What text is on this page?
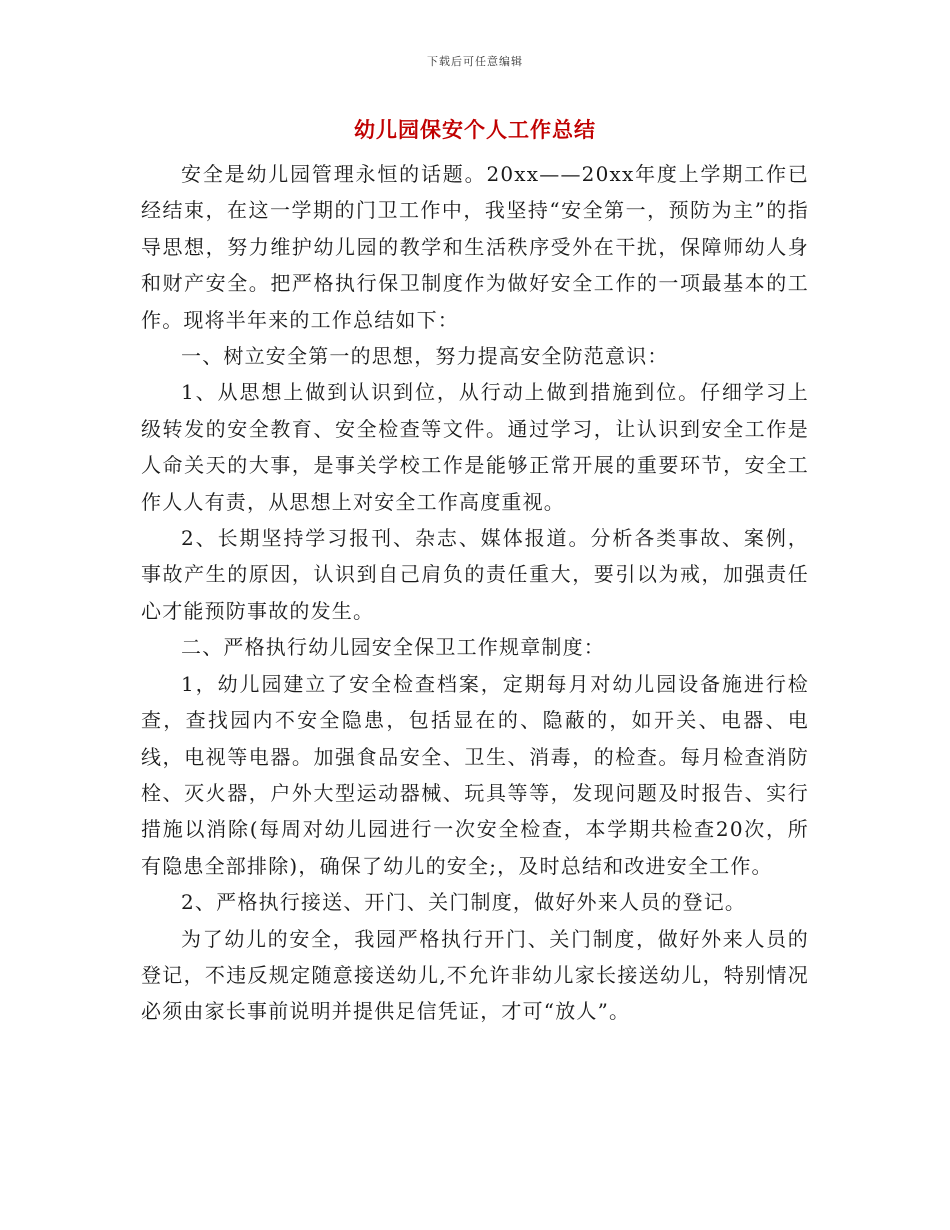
下载后可任意编辑
幼儿园保安个人工作总结

安全是幼儿园管理永恒的话题。20xx——20xx年度上学期工作已经结束，在这一学期的门卫工作中，我坚持“安全第一，预防为主”的指导思想，努力维护幼儿园的教学和生活秩序受外在干扰，保障师幼人身和财产安全。把严格执行保卫制度作为做好安全工作的一项最基本的工作。现将半年来的工作总结如下：

一、树立安全第一的思想，努力提高安全防范意识：

1、从思想上做到认识到位，从行动上做到措施到位。仔细学习上级转发的安全教育、安全检查等文件。通过学习，让认识到安全工作是人命关天的大事，是事关学校工作是能够正常开展的重要环节，安全工作人人有责，从思想上对安全工作高度重视。

2、长期坚持学习报刊、杂志、媒体报道。分析各类事故、案例，事故产生的原因，认识到自己肩负的责任重大，要引以为戒，加强责任心才能预防事故的发生。

二、严格执行幼儿园安全保卫工作规章制度：

1，幼儿园建立了安全检查档案，定期每月对幼儿园设备施进行检查，查找园内不安全隐患，包括显在的、隐蔽的，如开关、电器、电线，电视等电器。加强食品安全、卫生、消毒，的检查。每月检查消防栓、灭火器，户外大型运动器械、玩具等等，发现问题及时报告、实行措施以消除(每周对幼儿园进行一次安全检查，本学期共检查20次，所有隐患全部排除)，确保了幼儿的安全;，及时总结和改进安全工作。

2、严格执行接送、开门、关门制度，做好外来人员的登记。

为了幼儿的安全，我园严格执行开门、关门制度，做好外来人员的登记，不违反规定随意接送幼儿,不允许非幼儿家长接送幼儿，特别情况必须由家长事前说明并提供足信凭证，才可“放人”。
